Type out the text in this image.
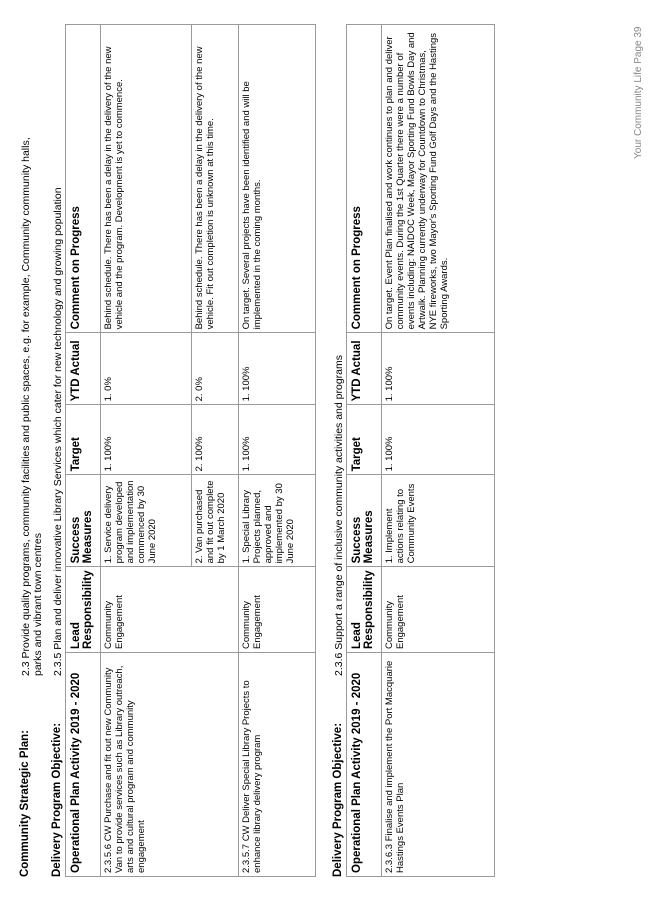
Community Strategic Plan:
2.3 Provide quality programs, community facilities and public spaces, e.g. for example, Community community halls, parks and vibrant town centres
Delivery Program Objective:
2.3.5 Plan and deliver innovative Library Services which cater for new technology and growing population
Operational Plan Activity 2019 - 2020	Lead Responsibility	Success Measures	Target	YTD Actual	Comment on Progress
2.3.5.6 CW Purchase and fit out new Community Van to provide services such as Library outreach, arts and cultural program and community engagement	Community Engagement	1. Service delivery program developed and implementation commenced by 30 June 2020	1. 100%	1. 0%	Behind schedule. There has been a delay in the delivery of the new vehicle and the program. Development is yet to commence.
		2. Van purchased and fit out complete by 1 March 2020	2. 100%	2. 0%	Behind schedule. There has been a delay in the delivery of the new vehicle. Fit out completion is unknown at this time.
2.3.5.7 CW Deliver Special Library Projects to enhance library delivery program	Community Engagement	1. Special Library Projects planned, approved and implemented by 30 June 2020	1. 100%	1. 100%	On target. Several projects have been identified and will be implemented in the coming months.
Delivery Program Objective:
2.3.6 Support a range of inclusive community activities and programs
Operational Plan Activity 2019 - 2020	Lead Responsibility	Success Measures	Target	YTD Actual	Comment on Progress
2.3.6.3 Finalise and implement the Port Macquarie Hastings Events Plan	Community Engagement	1. Implement actions relating to Community Events	1. 100%	1. 100%	On target. Event Plan finalised and work continues to plan and deliver community events. During the 1st Quarter there were a number of events including: NAIDOC Week, Mayor Sporting Fund Bowls Day and Artwalk. Planning currently underway for Countdown to Christmas, NYE fireworks, two Mayor's Sporting Fund Golf Days and the Hastings Sporting Awards.
Your Community Life Page 39
